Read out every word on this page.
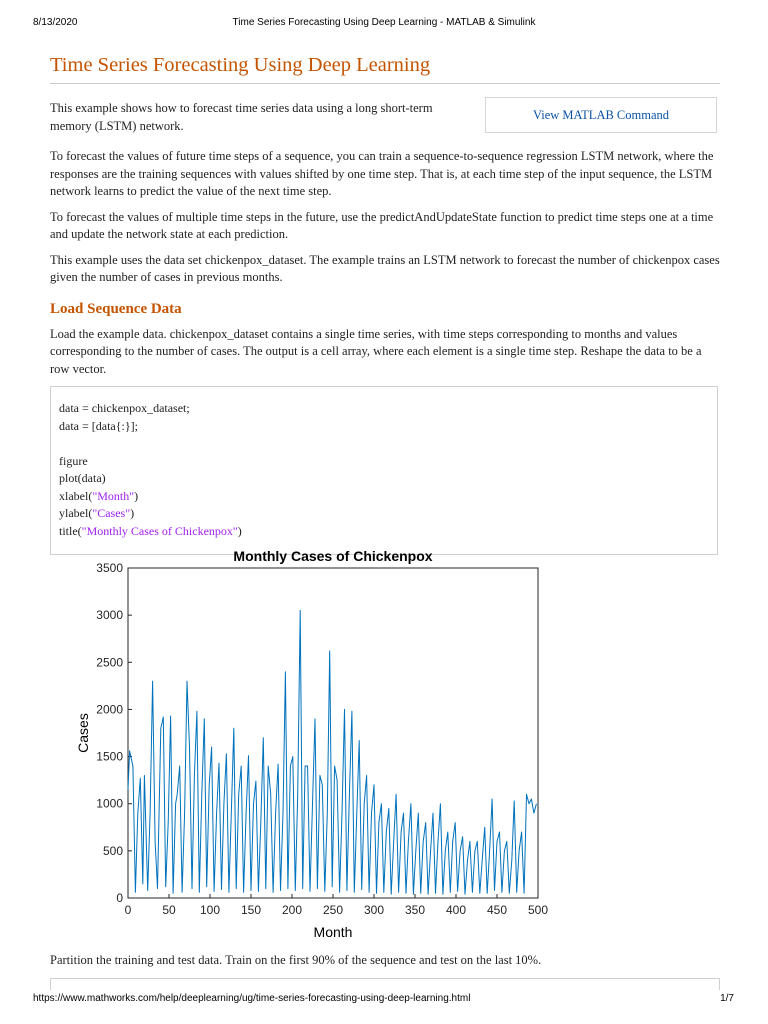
8/13/2020	Time Series Forecasting Using Deep Learning - MATLAB & Simulink
Time Series Forecasting Using Deep Learning

This example shows how to forecast time series data using a long short-term memory (LSTM) network.

View MATLAB Command

To forecast the values of future time steps of a sequence, you can train a sequence-to-sequence regression LSTM network, where the responses are the training sequences with values shifted by one time step. That is, at each time step of the input sequence, the LSTM network learns to predict the value of the next time step.

To forecast the values of multiple time steps in the future, use the predictAndUpdateState function to predict time steps one at a time and update the network state at each prediction.

This example uses the data set chickenpox_dataset. The example trains an LSTM network to forecast the number of chickenpox cases given the number of cases in previous months.

Load Sequence Data

Load the example data. chickenpox_dataset contains a single time series, with time steps corresponding to months and values corresponding to the number of cases. The output is a cell array, where each element is a single time step. Reshape the data to be a row vector.

data = chickenpox_dataset;
data = [data{:}];
figure
plot(data)
xlabel("Month")
ylabel("Cases")
title("Monthly Cases of Chickenpox")
Monthly Cases of Chickenpox
0	50 100 150 200 250 300 350 400 450 500
0
500
1000
1500
2000
2500
3000
3500
Month
Cases

Partition the training and test data. Train on the first 90% of the sequence and test on the last 10%.

https://www.mathworks.com/help/deeplearning/ug/time-series-forecasting-using-deep-learning.html	1/7
